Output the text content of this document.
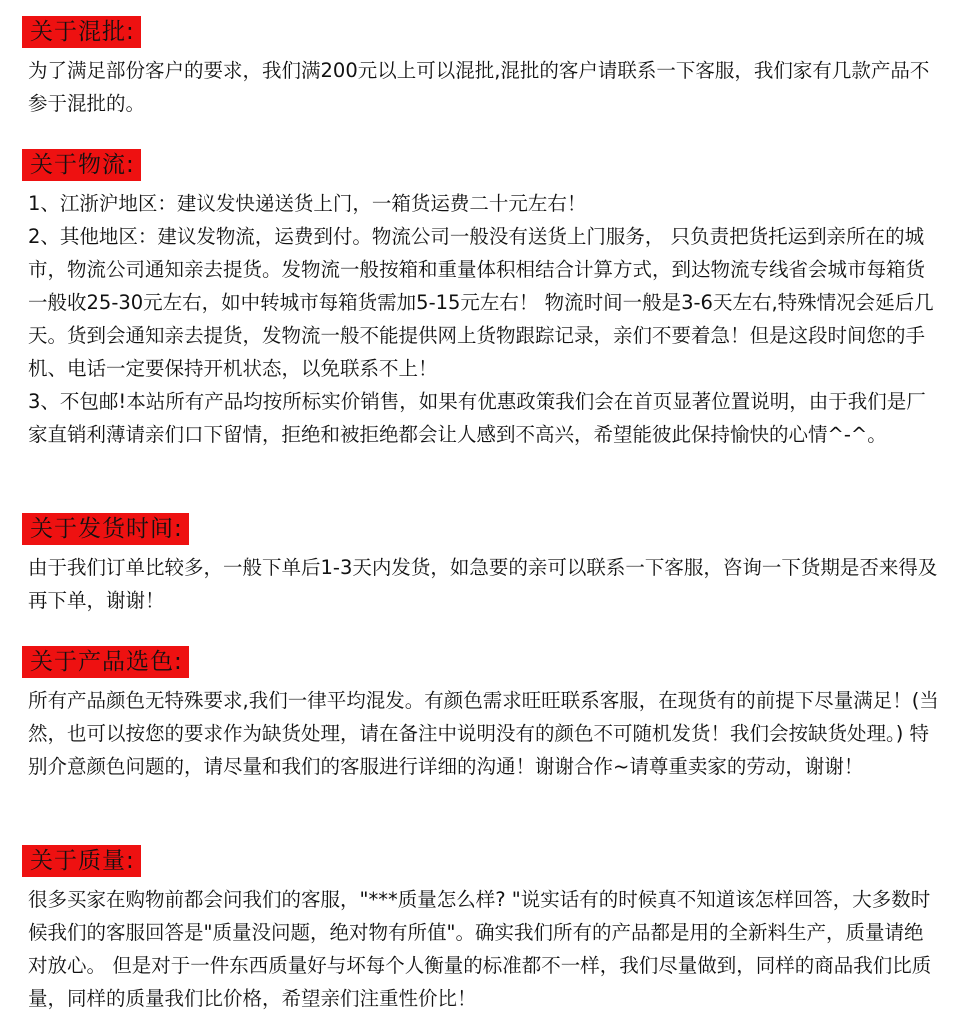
关于混批:

为了满足部份客户的要求，我们满200元以上可以混批,混批的客户请联系一下客服，我们家有几款产品不参于混批的。

关于物流:

1、江浙沪地区：建议发快递送货上门，一箱货运费二十元左右！

2、其他地区：建议发物流，运费到付。物流公司一般没有送货上门服务， 只负责把货托运到亲所在的城市，物流公司通知亲去提货。发物流一般按箱和重量体积相结合计算方式，到达物流专线省会城市每箱货一般收25-30元左右，如中转城市每箱货需加5-15元左右！ 物流时间一般是3-6天左右,特殊情况会延后几天。货到会通知亲去提货，发物流一般不能提供网上货物跟踪记录，亲们不要着急！但是这段时间您的手机、电话一定要保持开机状态，以免联系不上！

3、不包邮!本站所有产品均按所标实价销售，如果有优惠政策我们会在首页显著位置说明，由于我们是厂家直销利薄请亲们口下留情，拒绝和被拒绝都会让人感到不高兴，希望能彼此保持愉快的心情^-^。

关于发货时间:

由于我们订单比较多，一般下单后1-3天内发货，如急要的亲可以联系一下客服，咨询一下货期是否来得及再下单，谢谢！

关于产品选色:

所有产品颜色无特殊要求,我们一律平均混发。有颜色需求旺旺联系客服，在现货有的前提下尽量满足！(当然，也可以按您的要求作为缺货处理，请在备注中说明没有的颜色不可随机发货！我们会按缺货处理。) 特别介意颜色问题的，请尽量和我们的客服进行详细的沟通！谢谢合作~请尊重卖家的劳动，谢谢！

关于质量:

很多买家在购物前都会问我们的客服，"***质量怎么样? "说实话有的时候真不知道该怎样回答，大多数时候我们的客服回答是"质量没问题，绝对物有所值"。确实我们所有的产品都是用的全新料生产，质量请绝对放心。 但是对于一件东西质量好与坏每个人衡量的标准都不一样，我们尽量做到，同样的商品我们比质量，同样的质量我们比价格，希望亲们注重性价比！
